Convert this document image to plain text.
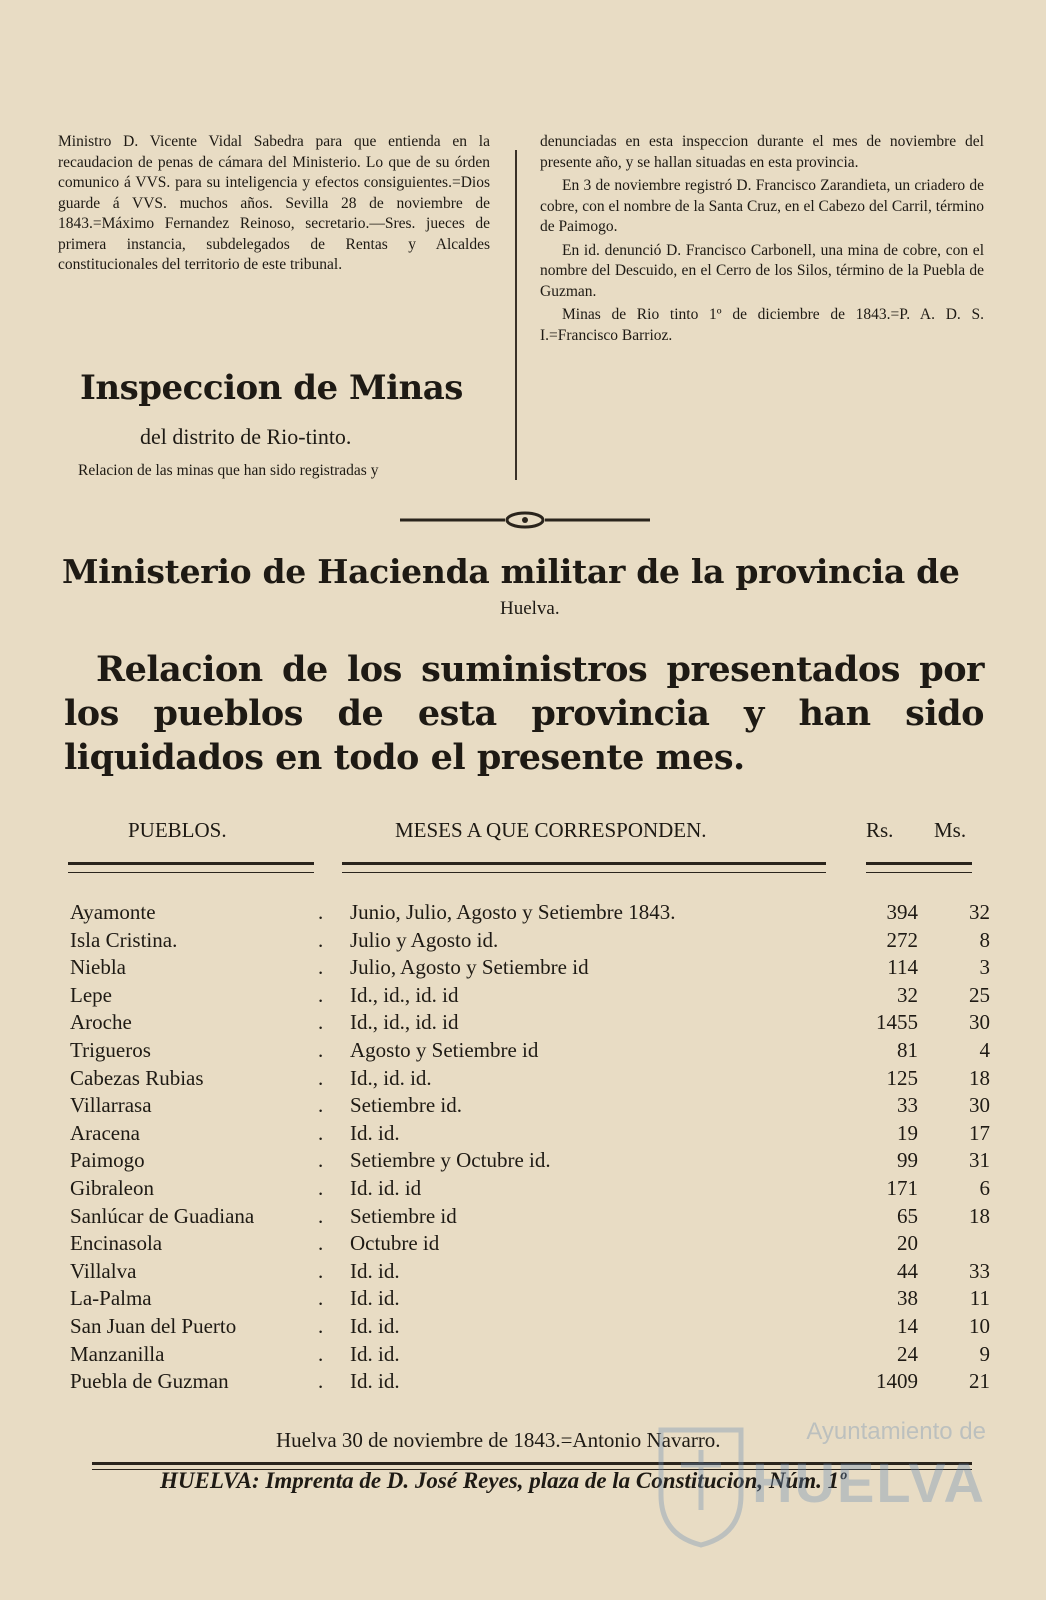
Ministro D. Vicente Vidal Sabedra para que entienda en la recaudacion de penas de cámara del Ministerio. Lo que de su órden comunico á VVS. para su inteligencia y efectos consiguientes.=Dios guarde á VVS. muchos años. Sevilla 28 de noviembre de 1843.=Máximo Fernandez Reinoso, secretario.—Sres. jueces de primera instancia, subdelegados de Rentas y Alcaldes constitucionales del territorio de este tribunal.

Inspeccion de Minas

del distrito de Rio-tinto.

Relacion de las minas que han sido registradas y

denunciadas en esta inspeccion durante el mes de noviembre del presente año, y se hallan situadas en esta provincia.

En 3 de noviembre registró D. Francisco Zarandieta, un criadero de cobre, con el nombre de la Santa Cruz, en el Cabezo del Carril, término de Paimogo.

En id. denunció D. Francisco Carbonell, una mina de cobre, con el nombre del Descuido, en el Cerro de los Silos, término de la Puebla de Guzman.

Minas de Rio tinto 1º de diciembre de 1843.=P. A. D. S. I.=Francisco Barrioz.

Ministerio de Hacienda militar de la provincia de

Huelva.

Relacion de los suministros presentados por los pueblos de esta provincia y han sido liquidados en todo el presente mes.
PUEBLOS.	MESES A QUE CORRESPONDEN.	Rs. Ms.
Ayamonte	Junio, Julio, Agosto y Setiembre 1843.	394 32
.
Isla Cristina.	Julio y Agosto id.	272	8
.
Niebla	Julio, Agosto y Setiembre id	114	3
.
Lepe	Id., id., id. id	32 25
.
Aroche	Id., id., id. id	1455 30
.
Trigueros	Agosto y Setiembre id	81	4
.
Cabezas Rubias	Id., id. id.	125 18
.
Villarrasa	Setiembre id.	33 30
.
Aracena	Id. id.	19 17
.
Paimogo	Setiembre y Octubre id.	99 31
.
Gibraleon	Id. id. id	171	6
.
Sanlúcar de Guadiana	Setiembre id	65 18
.
Encinasola	Octubre id	20
.
Villalva	Id. id.	44 33
.
La-Palma	Id. id.	38 11
.
San Juan del Puerto	Id. id.	14 10
.
Manzanilla	Id. id.	24	9
.
Puebla de Guzman	Id. id.	1409 21
.

Huelva 30 de noviembre de 1843.=Antonio Navarro.

HUELVA: Imprenta de D. José Reyes, plaza de la Constitucion, Núm. 1º

Ayuntamiento de
HUELVA
